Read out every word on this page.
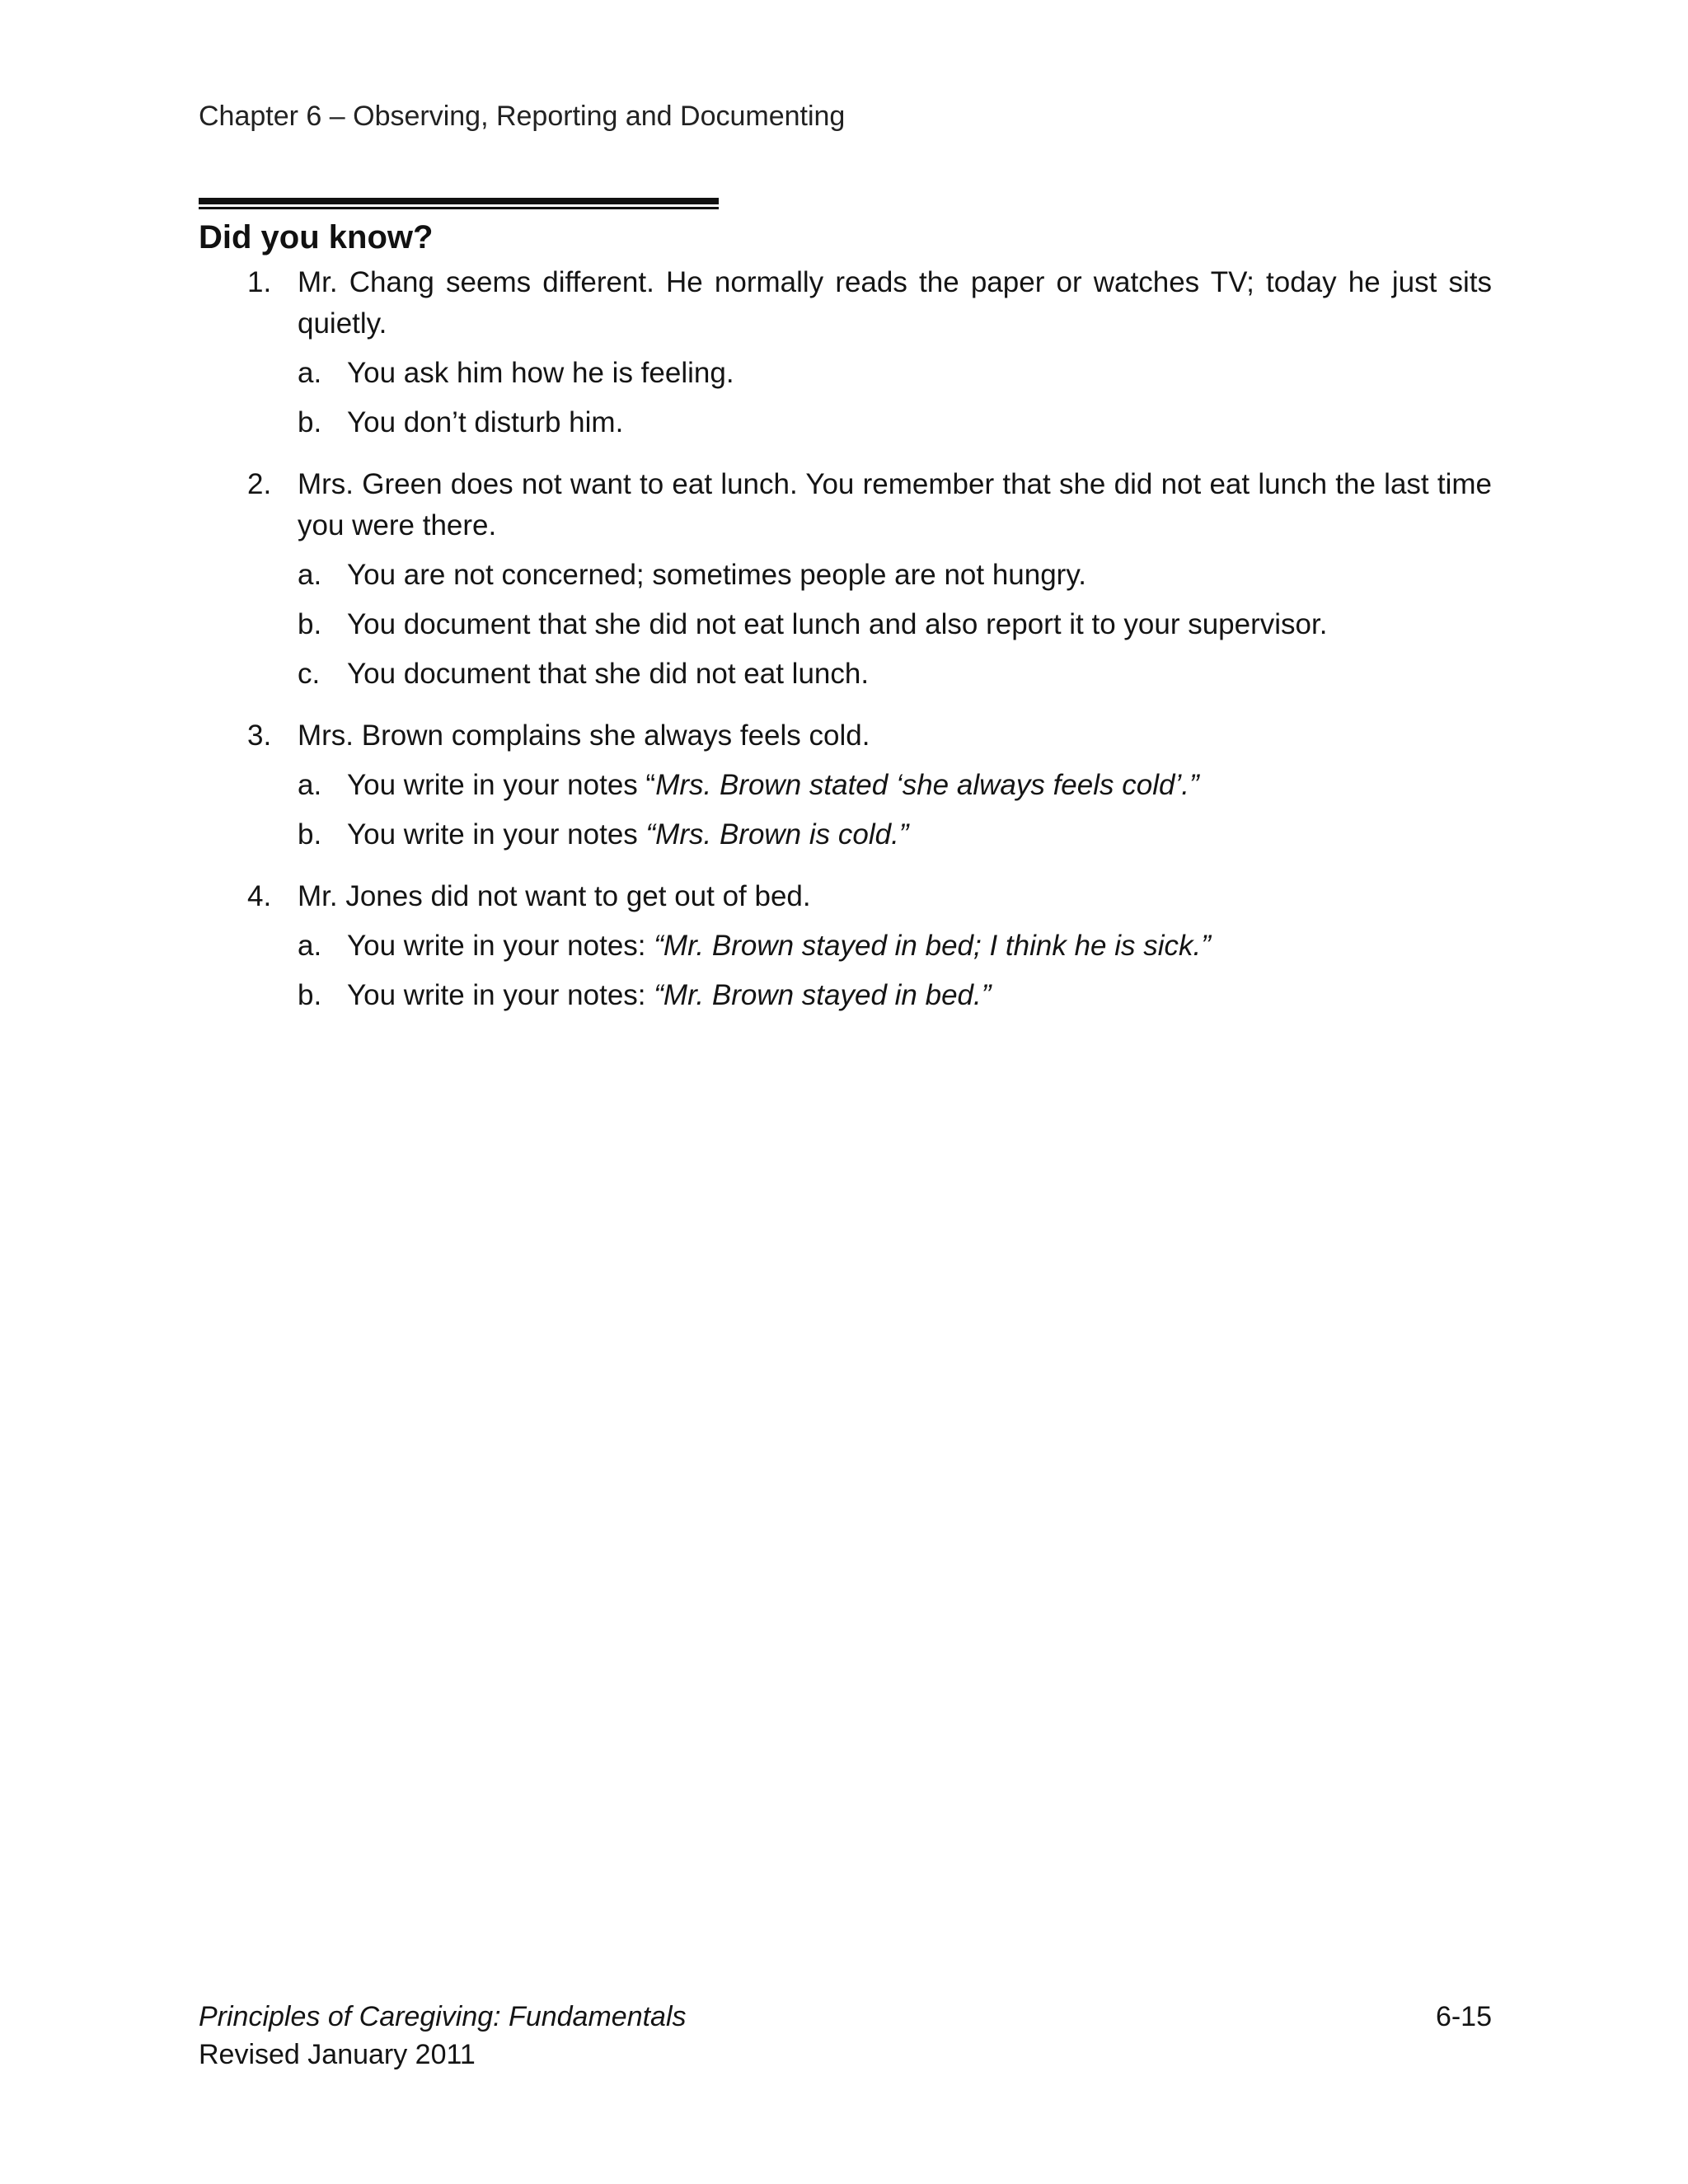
Chapter 6 – Observing, Reporting and Documenting
Did you know?
1. Mr. Chang seems different. He normally reads the paper or watches TV; today he just sits quietly.
a. You ask him how he is feeling.
b. You don’t disturb him.
2. Mrs. Green does not want to eat lunch. You remember that she did not eat lunch the last time you were there.
a. You are not concerned; sometimes people are not hungry.
b. You document that she did not eat lunch and also report it to your supervisor.
c. You document that she did not eat lunch.
3. Mrs. Brown complains she always feels cold.
a. You write in your notes “Mrs. Brown stated ‘she always feels cold’.”
b. You write in your notes “Mrs. Brown is cold.”
4. Mr. Jones did not want to get out of bed.
a. You write in your notes: “Mr. Brown stayed in bed; I think he is sick.”
b. You write in your notes: “Mr. Brown stayed in bed.”
Principles of Caregiving: Fundamentals
Revised January 2011
6-15
